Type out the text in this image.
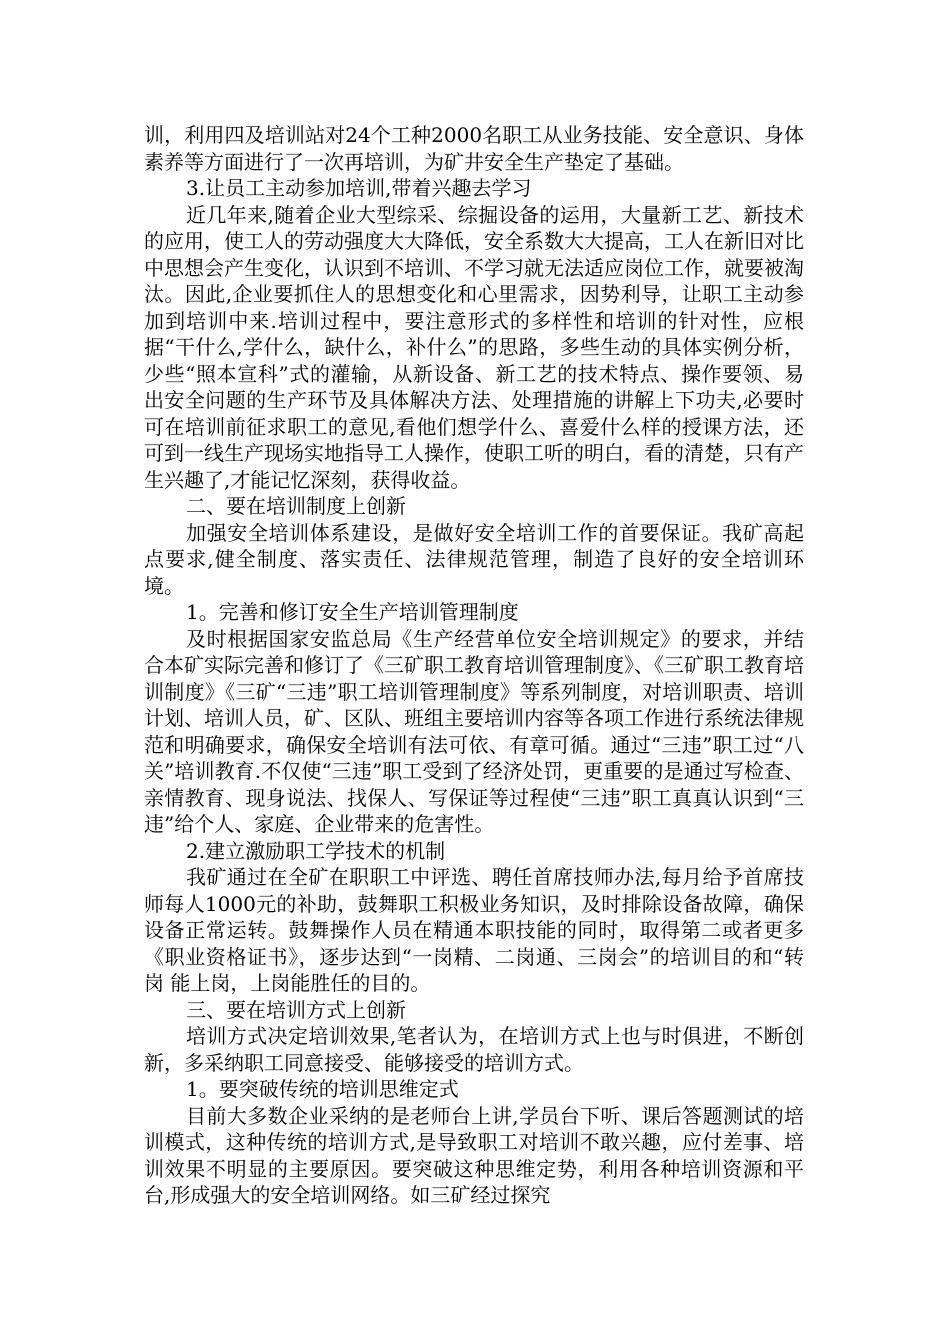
训，利用四及培训站对24个工种2000名职工从业务技能、安全意识、身体素养等方面进行了一次再培训，为矿井安全生产垫定了基础。

3.让员工主动参加培训,带着兴趣去学习

近几年来,随着企业大型综采、综掘设备的运用，大量新工艺、新技术的应用，使工人的劳动强度大大降低，安全系数大大提高，工人在新旧对比中思想会产生变化，认识到不培训、不学习就无法适应岗位工作，就要被淘汰。因此,企业要抓住人的思想变化和心里需求，因势利导，让职工主动参加到培训中来.培训过程中，要注意形式的多样性和培训的针对性，应根据“干什么,学什么，缺什么，补什么”的思路，多些生动的具体实例分析，少些“照本宣科”式的灌输，从新设备、新工艺的技术特点、操作要领、易出安全问题的生产环节及具体解决方法、处理措施的讲解上下功夫,必要时可在培训前征求职工的意见,看他们想学什么、喜爱什么样的授课方法，还可到一线生产现场实地指导工人操作，使职工听的明白，看的清楚，只有产生兴趣了,才能记忆深刻，获得收益。

二、要在培训制度上创新

加强安全培训体系建设，是做好安全培训工作的首要保证。我矿高起点要求,健全制度、落实责任、法律规范管理，制造了良好的安全培训环境。

1。完善和修订安全生产培训管理制度

及时根据国家安监总局《生产经营单位安全培训规定》的要求，并结合本矿实际完善和修订了《三矿职工教育培训管理制度》、《三矿职工教育培训制度》《三矿“三违”职工培训管理制度》等系列制度，对培训职责、培训计划、培训人员，矿、区队、班组主要培训内容等各项工作进行系统法律规范和明确要求，确保安全培训有法可依、有章可循。通过“三违”职工过“八关”培训教育.不仅使“三违”职工受到了经济处罚，更重要的是通过写检查、亲情教育、现身说法、找保人、写保证等过程使“三违”职工真真认识到“三违”给个人、家庭、企业带来的危害性。

2.建立激励职工学技术的机制

我矿通过在全矿在职职工中评选、聘任首席技师办法,每月给予首席技师每人1000元的补助，鼓舞职工积极业务知识，及时排除设备故障，确保设备正常运转。鼓舞操作人员在精通本职技能的同时，取得第二或者更多《职业资格证书》，逐步达到“一岗精、二岗通、三岗会”的培训目的和“转岗 能上岗，上岗能胜任的目的。

三、要在培训方式上创新

培训方式决定培训效果,笔者认为，在培训方式上也与时俱进，不断创新，多采纳职工同意接受、能够接受的培训方式。

1。要突破传统的培训思维定式

目前大多数企业采纳的是老师台上讲,学员台下听、课后答题测试的培训模式，这种传统的培训方式,是导致职工对培训不敢兴趣，应付差事、培训效果不明显的主要原因。要突破这种思维定势，利用各种培训资源和平台,形成强大的安全培训网络。如三矿经过探究
